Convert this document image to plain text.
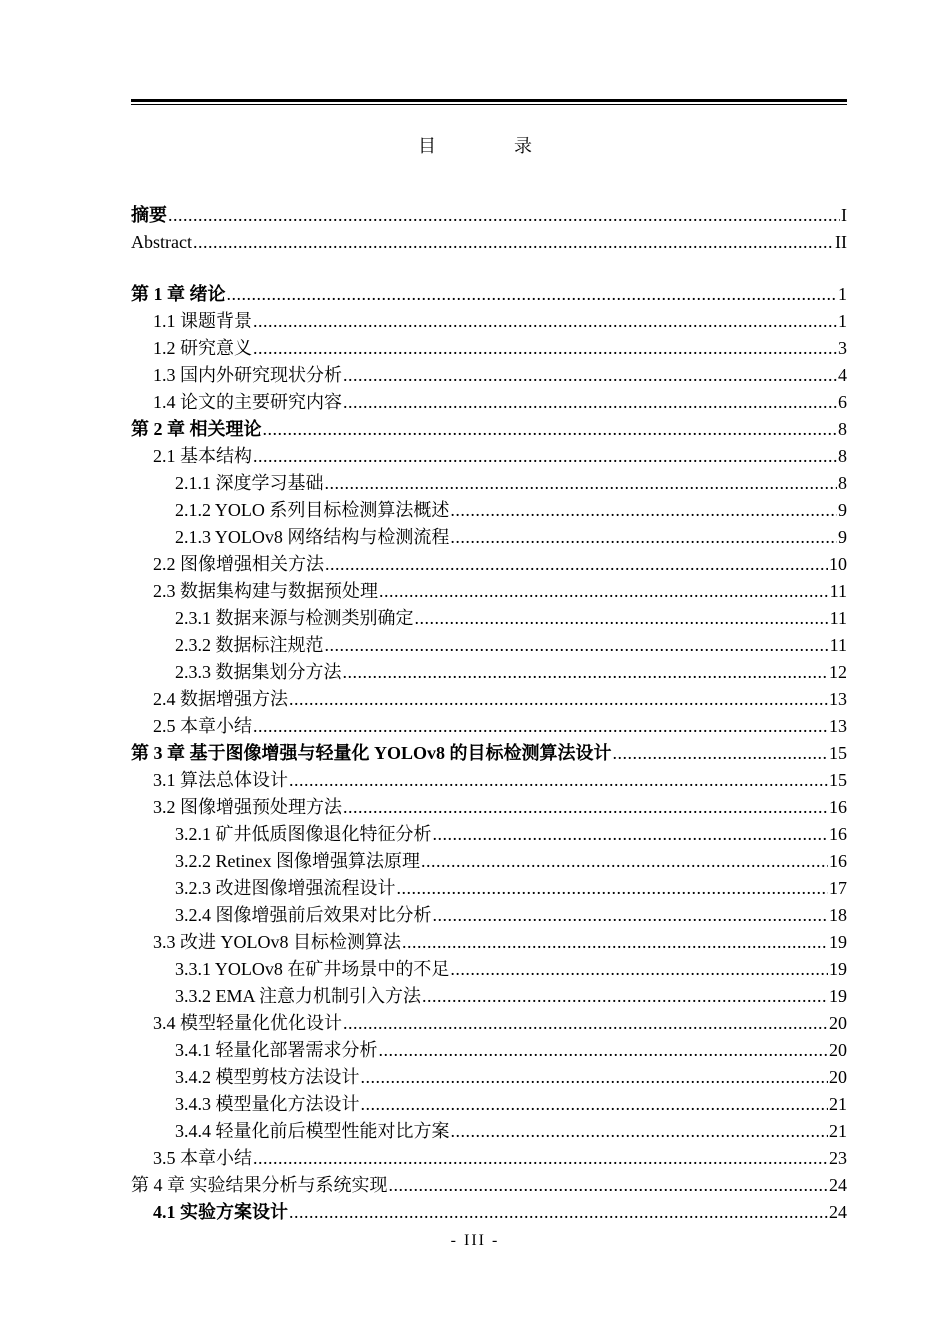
目　录
摘要 .....	I
Abstract .....	II
第 1 章 绪论 .....	1
1.1 课题背景 .....	1
1.2 研究意义 .....	3
1.3 国内外研究现状分析 .....	4
1.4 论文的主要研究内容 .....	6
第 2 章 相关理论 .....	8
2.1 基本结构 .....	8
2.1.1 深度学习基础 .....	8
2.1.2 YOLO 系列目标检测算法概述 .....	9
2.1.3 YOLOv8 网络结构与检测流程 .....	9
2.2 图像增强相关方法 .....	10
2.3 数据集构建与数据预处理 .....	11
2.3.1 数据来源与检测类别确定 .....	11
2.3.2 数据标注规范 .....	11
2.3.3 数据集划分方法 .....	12
2.4 数据增强方法 .....	13
2.5 本章小结 .....	13
第 3 章 基于图像增强与轻量化 YOLOv8 的目标检测算法设计 .....	15
3.1 算法总体设计 .....	15
3.2 图像增强预处理方法 .....	16
3.2.1 矿井低质图像退化特征分析 .....	16
3.2.2 Retinex 图像增强算法原理 .....	16
3.2.3 改进图像增强流程设计 .....	17
3.2.4 图像增强前后效果对比分析 .....	18
3.3 改进 YOLOv8 目标检测算法 .....	19
3.3.1 YOLOv8 在矿井场景中的不足 .....	19
3.3.2 EMA 注意力机制引入方法 .....	19
3.4 模型轻量化优化设计 .....	20
3.4.1 轻量化部署需求分析 .....	20
3.4.2 模型剪枝方法设计 .....	20
3.4.3 模型量化方法设计 .....	21
3.4.4 轻量化前后模型性能对比方案 .....	21
3.5 本章小结 .....	23
第 4 章 实验结果分析与系统实现 .....	24
4.1 实验方案设计 .....	24
- III -
